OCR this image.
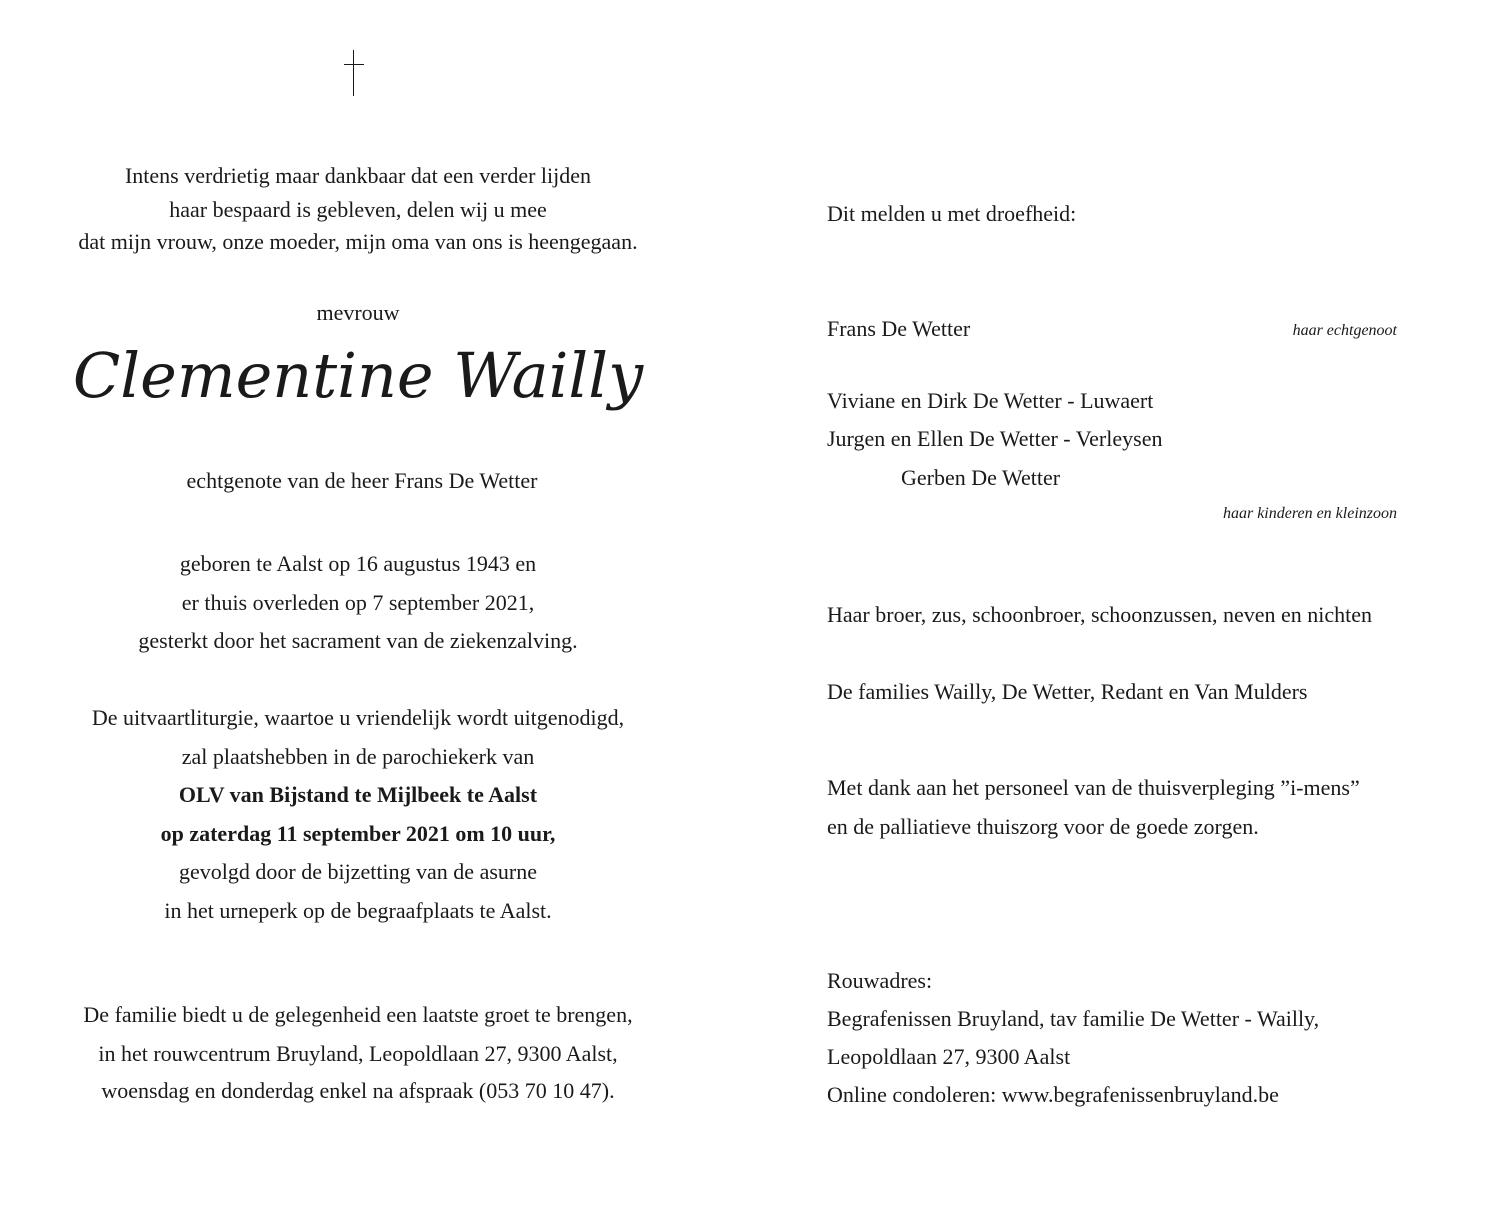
Intens verdrietig maar dankbaar dat een verder lijden
haar bespaard is gebleven, delen wij u mee
dat mijn vrouw, onze moeder, mijn oma van ons is heengegaan.
mevrouw
Clementine Wailly
echtgenote van de heer Frans De Wetter
geboren te Aalst op 16 augustus 1943 en
er thuis overleden op 7 september 2021,
gesterkt door het sacrament van de ziekenzalving.
De uitvaartliturgie, waartoe u vriendelijk wordt uitgenodigd,
zal plaatshebben in de parochiekerk van
OLV van Bijstand te Mijlbeek te Aalst
op zaterdag 11 september 2021 om 10 uur,
gevolgd door de bijzetting van de asurne
in het urneperk op de begraafplaats te Aalst.
De familie biedt u de gelegenheid een laatste groet te brengen,
in het rouwcentrum Bruyland, Leopoldlaan 27, 9300 Aalst,
woensdag en donderdag enkel na afspraak (053 70 10 47).
Dit melden u met droefheid:
Frans De Wetter	haar echtgenoot
Viviane en Dirk De Wetter - Luwaert
Jurgen en Ellen De Wetter - Verleysen
Gerben De Wetter
haar kinderen en kleinzoon
Haar broer, zus, schoonbroer, schoonzussen, neven en nichten
De families Wailly, De Wetter, Redant en Van Mulders
Met dank aan het personeel van de thuisverpleging ”i-mens”
en de palliatieve thuiszorg voor de goede zorgen.
Rouwadres:
Begrafenissen Bruyland, tav familie De Wetter - Wailly,
Leopoldlaan 27, 9300 Aalst
Online condoleren: www.begrafenissenbruyland.be
